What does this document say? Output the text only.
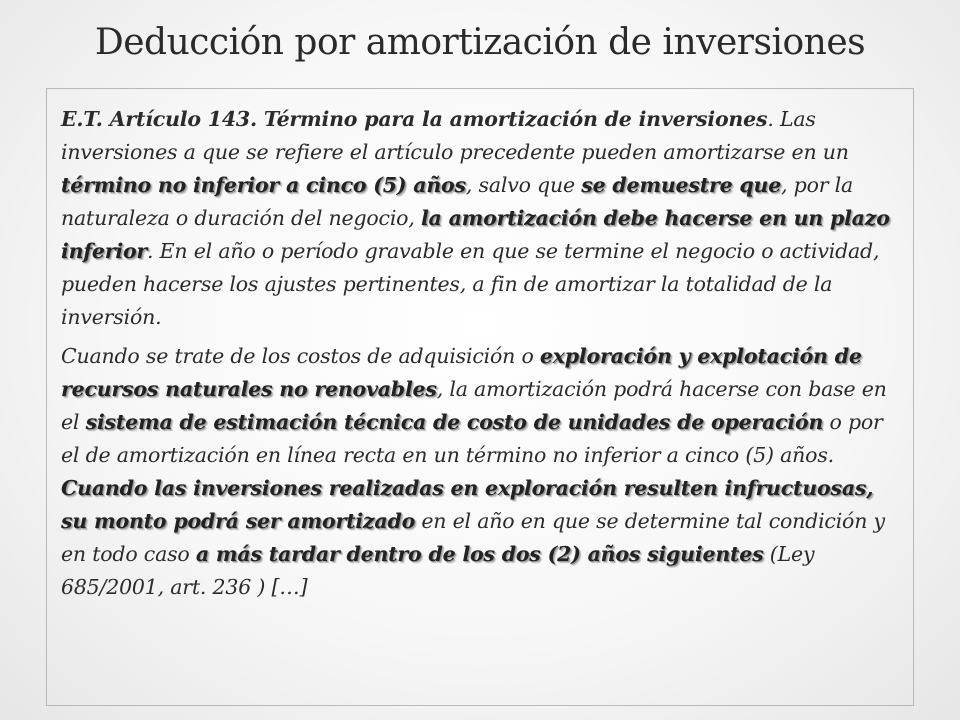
Deducción por amortización de inversiones

E.T. Artículo 143. Término para la amortización de inversiones. Las inversiones a que se refiere el artículo precedente pueden amortizarse en un término no inferior a cinco (5) años, salvo que se demuestre que, por la naturaleza o duración del negocio, la amortización debe hacerse en un plazo inferior. En el año o período gravable en que se termine el negocio o actividad, pueden hacerse los ajustes pertinentes, a fin de amortizar la totalidad de la inversión.

Cuando se trate de los costos de adquisición o exploración y explotación de recursos naturales no renovables, la amortización podrá hacerse con base en el sistema de estimación técnica de costo de unidades de operación o por el de amortización en línea recta en un término no inferior a cinco (5) años. Cuando las inversiones realizadas en exploración resulten infructuosas, su monto podrá ser amortizado en el año en que se determine tal condición y en todo caso a más tardar dentro de los dos (2) años siguientes (Ley 685/2001, art. 236 ) […]
